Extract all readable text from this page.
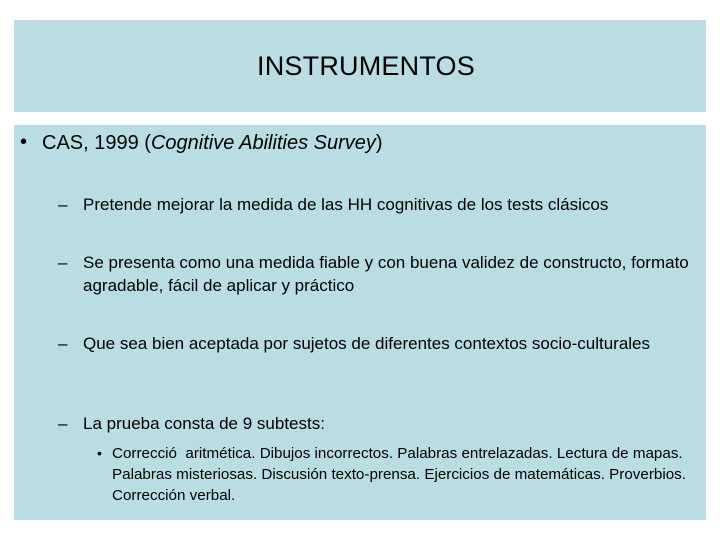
INSTRUMENTOS
• CAS, 1999 (Cognitive Abilities Survey)
– Pretende mejorar la medida de las HH cognitivas de los tests clásicos
– Se presenta como una medida fiable y con buena validez de constructo, formato agradable, fácil de aplicar y práctico
– Que sea bien aceptada por sujetos de diferentes contextos socio-culturales
– La prueba consta de 9 subtests:
• Correcció  aritmética. Dibujos incorrectos. Palabras entrelazadas. Lectura de mapas. Palabras misteriosas. Discusión texto-prensa. Ejercicios de matemáticas. Proverbios. Corrección verbal.
